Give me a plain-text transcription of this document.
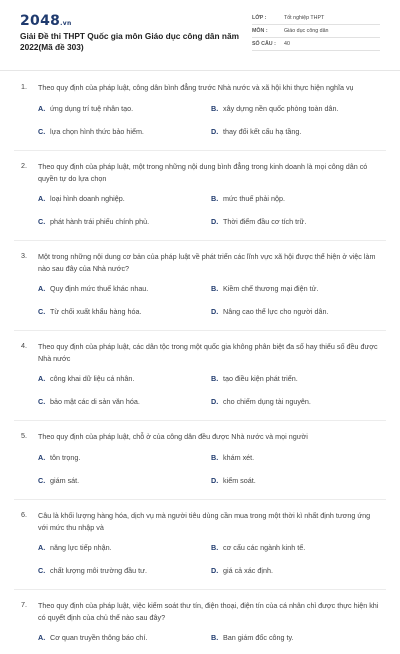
2048.vn
Giải Đề thi THPT Quốc gia môn Giáo dục công dân năm 2022(Mã đề 303)
LỚP :	Tốt nghiệp THPT
MÔN :	Giáo dục công dân
SỐ CÂU :	40
1. Theo quy định của pháp luật, công dân bình đẳng trước Nhà nước và xã hội khi thực hiện nghĩa vụ
A. ứng dụng trí tuệ nhân tạo.	B. xây dựng nền quốc phòng toàn dân.
C. lựa chọn hình thức bảo hiểm.	D. thay đổi kết cấu hạ tầng.
2. Theo quy định của pháp luật, một trong những nội dung bình đẳng trong kinh doanh là mọi công dân có quyền tự do lựa chọn
A. loại hình doanh nghiệp.	B. mức thuế phải nộp.
C. phát hành trái phiếu chính phủ.	D. Thời điểm đầu cơ tích trữ.
3. Một trong những nội dung cơ bản của pháp luật về phát triển các lĩnh vực xã hội được thể hiện ở việc làm nào sau đây của Nhà nước?
A. Quy định mức thuế khác nhau.	B. Kiềm chế thương mại điện tử.
C. Từ chối xuất khẩu hàng hóa.	D. Nâng cao thể lực cho người dân.
4. Theo quy định của pháp luật, các dân tộc trong một quốc gia không phân biệt đa số hay thiểu số đều được Nhà nước
A. công khai dữ liệu cá nhân.	B. tạo điều kiện phát triển.
C. bảo mật các di sản văn hóa.	D. cho chiếm dụng tài nguyên.
5. Theo quy định của pháp luật, chỗ ở của công dân đều được Nhà nước và mọi người
A. tôn trọng.	B. khám xét.
C. giám sát.	D. kiểm soát.
6. Câu là khối lượng hàng hóa, dịch vụ mà người tiêu dùng cần mua trong một thời kì nhất định tương ứng với mức thu nhập và
A. năng lực tiếp nhận.	B. cơ cấu các ngành kinh tế.
C. chất lượng môi trường đầu tư.	D. giá cả xác định.
7. Theo quy định của pháp luật, việc kiểm soát thư tín, điện thoại, điện tín của cá nhân chỉ được thực hiện khi có quyết định của chủ thể nào sau đây?
A. Cơ quan truyền thông báo chí.	B. Ban giám đốc công ty.
